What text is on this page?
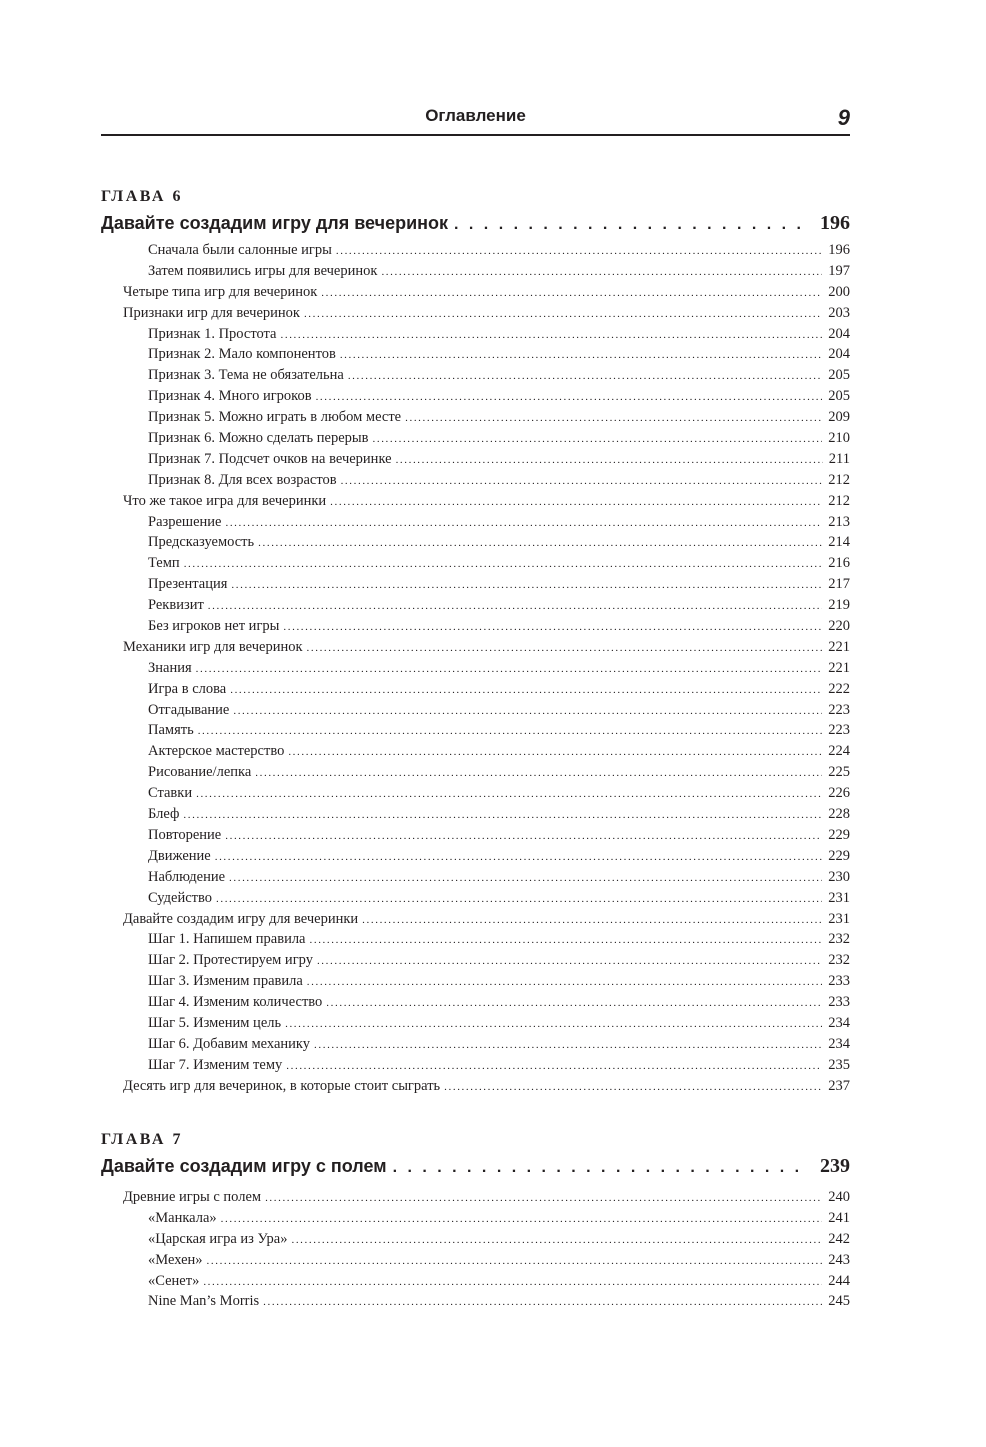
Оглавление	9
ГЛАВА 6
Давайте создадим игру для вечеринок . . .	196
Сначала были салонные игры .....	196
Затем появились игры для вечеринок .....	197
Четыре типа игр для вечеринок .....	200
Признаки игр для вечеринок .....	203
Признак 1. Простота .....	204
Признак 2. Мало компонентов .....	204
Признак 3. Тема не обязательна .....	205
Признак 4. Много игроков .....	205
Признак 5. Можно играть в любом месте .....	209
Признак 6. Можно сделать перерыв .....	210
Признак 7. Подсчет очков на вечеринке .....	211
Признак 8. Для всех возрастов .....	212
Что же такое игра для вечеринки .....	212
Разрешение .....	213
Предсказуемость .....	214
Темп .....	216
Презентация .....	217
Реквизит .....	219
Без игроков нет игры .....	220
Механики игр для вечеринок .....	221
Знания .....	221
Игра в слова .....	222
Отгадывание .....	223
Память .....	223
Актерское мастерство .....	224
Рисование/лепка .....	225
Ставки .....	226
Блеф .....	228
Повторение .....	229
Движение .....	229
Наблюдение .....	230
Судейство .....	231
Давайте создадим игру для вечеринки .....	231
Шаг 1. Напишем правила .....	232
Шаг 2. Протестируем игру .....	232
Шаг 3. Изменим правила .....	233
Шаг 4. Изменим количество .....	233
Шаг 5. Изменим цель .....	234
Шаг 6. Добавим механику .....	234
Шаг 7. Изменим тему .....	235
Десять игр для вечеринок, в которые стоит сыграть .....	237
ГЛАВА 7
Давайте создадим игру с полем . . .	239
Древние игры с полем .....	240
«Манкала» .....	241
«Царская игра из Ура» .....	242
«Мехен» .....	243
«Сенет» .....	244
Nine Man’s Morris .....	245
